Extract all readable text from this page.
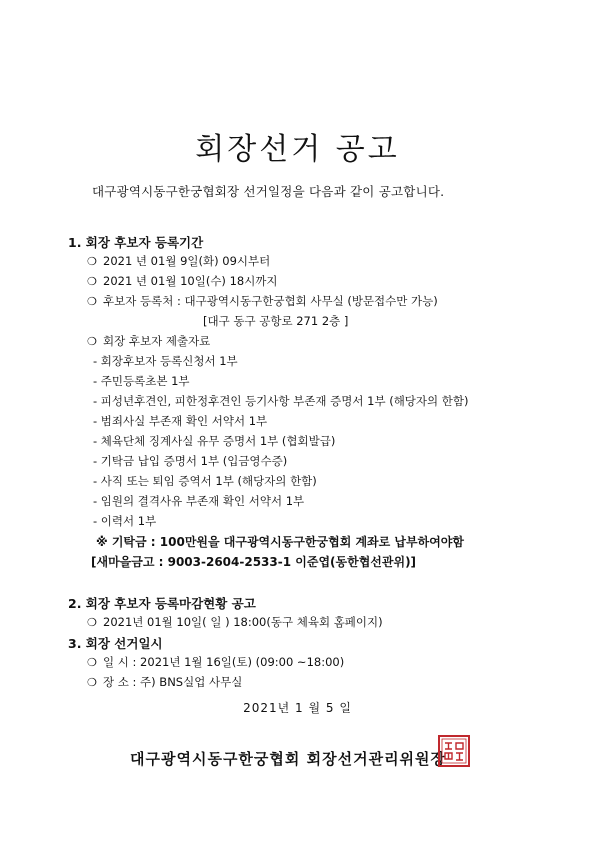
회장선거 공고
대구광역시동구한궁협회장 선거일정을 다음과 같이 공고합니다.
1. 회장 후보자 등록기간
❍ 2021 년 01월 9일(화) 09시부터
❍ 2021 년 01월 10일(수) 18시까지
❍ 후보자 등록처 : 대구광역시동구한궁협회 사무실 (방문접수만 가능)
[대구 동구 공항로 271 2층 ]
❍ 회장 후보자 제출자료
- 회장후보자 등록신청서 1부
- 주민등록초본 1부
- 피성년후견인, 피한정후견인 등기사항 부존재 증명서 1부 (해당자의 한함)
- 범죄사실 부존재 확인 서약서 1부
- 체육단체 징계사실 유무 증명서 1부 (협회발급)
- 기탁금 납입 증명서 1부 (입금영수증)
- 사직 또는 퇴임 증역서 1부 (해당자의 한함)
- 임원의 결격사유 부존재 확인 서약서 1부
- 이력서 1부
※ 기탁금 : 100만원을 대구광역시동구한궁협회 계좌로 납부하여야함
[새마을금고 : 9003-2604-2533-1 이준엽(동한협선관위)]
2. 회장 후보자 등록마감현황 공고
❍ 2021년 01월 10일( 일 ) 18:00(동구 체육회 홈페이지)
3. 회장 선거일시
❍ 일 시 : 2021년 1월 16일(토) (09:00 ~18:00)
❍ 장 소 : 주) BNS실업 사무실
2021년 1 월 5 일
대구광역시동구한궁협회 회장선거관리위원장
